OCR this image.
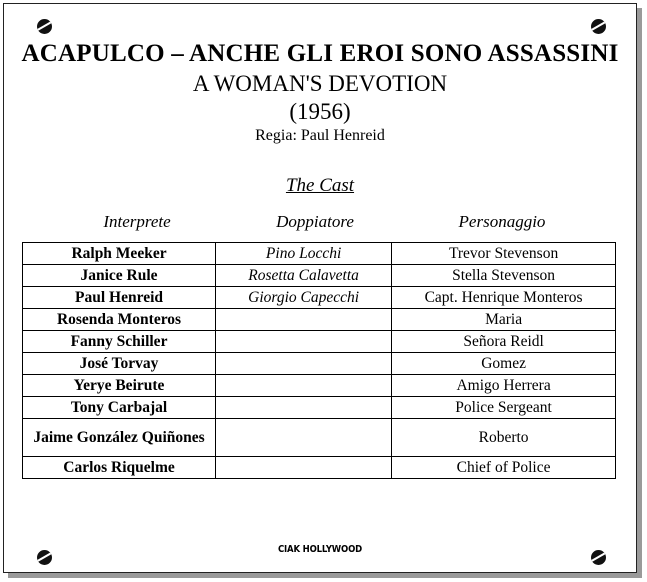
ACAPULCO – ANCHE GLI EROI SONO ASSASSINI
A WOMAN'S DEVOTION
(1956)
Regia: Paul Henreid
The Cast
Interprete	Doppiatore	Personaggio
Ralph Meeker	Pino Locchi	Trevor Stevenson
Janice Rule	Rosetta Calavetta	Stella Stevenson
Paul Henreid	Giorgio Capecchi	Capt. Henrique Monteros
Rosenda Monteros		Maria
Fanny Schiller		Señora Reidl
José Torvay		Gomez
Yerye Beirute		Amigo Herrera
Tony Carbajal		Police Sergeant
Jaime González Quiñones		Roberto
Carlos Riquelme		Chief of Police
CIAK HOLLYWOOD
